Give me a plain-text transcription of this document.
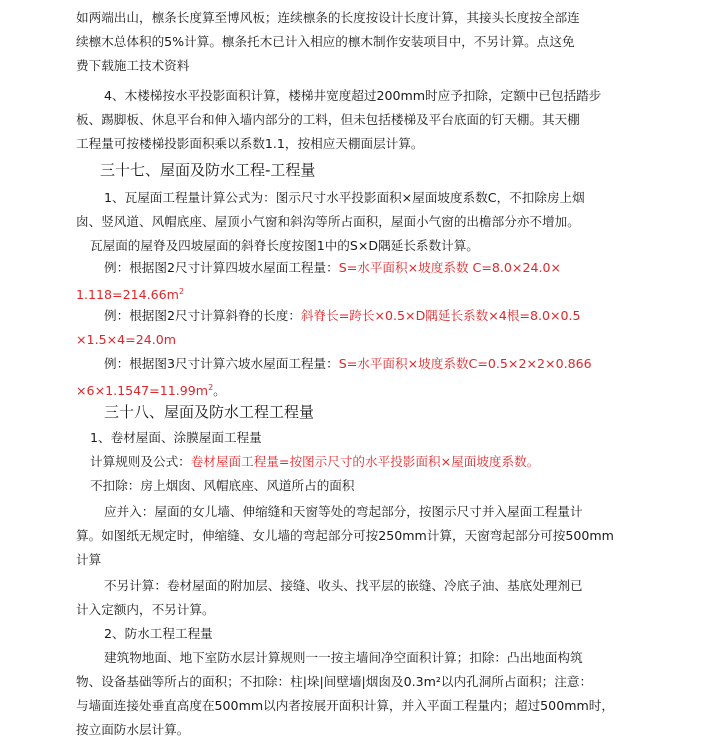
如两端出山，檩条长度算至博风板；连续檩条的长度按设计长度计算，其接头长度按全部连
续檩木总体积的5%计算。檩条托木已计入相应的檩木制作安装项目中，不另计算。点这免
费下载施工技术资料
4、木楼梯按水平投影面积计算，楼梯井宽度超过200mm时应予扣除，定额中已包括踏步
板、踢脚板、休息平台和伸入墙内部分的工料，但未包括楼梯及平台底面的钉天棚。其天棚
工程量可按楼梯投影面积乘以系数1.1，按相应天棚面层计算。
三十七、屋面及防水工程-工程量
1、瓦屋面工程量计算公式为：图示尺寸水平投影面积×屋面坡度系数C，不扣除房上烟
囱、竖风道、风帽底座、屋顶小气窗和斜沟等所占面积，屋面小气窗的出檐部分亦不增加。
瓦屋面的屋脊及四坡屋面的斜脊长度按图1中的S×D隅延长系数计算。
例：根据图2尺寸计算四坡水屋面工程量：S=水平面积×坡度系数 C=8.0×24.0×
$1.118=214.66m^2$
例：根据图2尺寸计算斜脊的长度：斜脊长=跨长×0.5×D隅延长系数×4根=8.0×0.5
×1.5×4=24.0m
例：根据图3尺寸计算六坡水屋面工程量：S=水平面积×坡度系数C=0.5×2×2×0.866
$\times 6\times 1.1547=11.99m^2$。
三十八、屋面及防水工程工程量
1、卷材屋面、涂膜屋面工程量
计算规则及公式：卷材屋面工程量=按图示尺寸的水平投影面积×屋面坡度系数。
不扣除：房上烟囱、风帽底座、风道所占的面积
应并入：屋面的女儿墙、伸缩缝和天窗等处的弯起部分，按图示尺寸并入屋面工程量计
算。如图纸无规定时，伸缩缝、女儿墙的弯起部分可按250mm计算，天窗弯起部分可按500mm
计算
不另计算：卷材屋面的附加层、接缝、收头、找平层的嵌缝、冷底子油、基底处理剂已
计入定额内，不另计算。
2、防水工程工程量
建筑物地面、地下室防水层计算规则一一按主墙间净空面积计算；扣除：凸出地面构筑
物、设备基础等所占的面积；不扣除：柱|垛|间壁墙|烟囱及0.3m²以内孔洞所占面积；注意：
与墙面连接处垂直高度在500mm以内者按展开面积计算，并入平面工程量内；超过500mm时，
按立面防水层计算。
